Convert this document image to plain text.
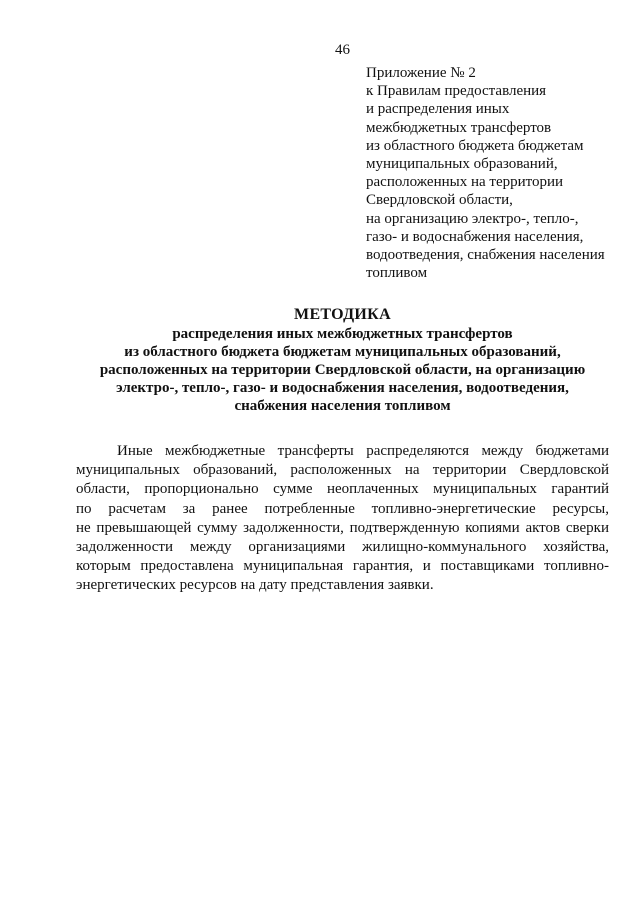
46
Приложение № 2
к Правилам предоставления
и распределения иных
межбюджетных трансфертов
из областного бюджета бюджетам
муниципальных образований,
расположенных на территории
Свердловской области,
на организацию электро-, тепло-,
газо- и водоснабжения населения,
водоотведения, снабжения населения
топливом
МЕТОДИКА
распределения иных межбюджетных трансфертов
из областного бюджета бюджетам муниципальных образований,
расположенных на территории Свердловской области, на организацию
электро-, тепло-, газо- и водоснабжения населения, водоотведения,
снабжения населения топливом
Иные межбюджетные трансферты распределяются между бюджетами
муниципальных образований, расположенных на территории Свердловской
области, пропорционально сумме неоплаченных муниципальных гарантий
по расчетам за ранее потребленные топливно-энергетические ресурсы,
не превышающей сумму задолженности, подтвержденную копиями актов сверки
задолженности между организациями жилищно-коммунального хозяйства,
которым предоставлена муниципальная гарантия, и поставщиками топливно-
энергетических ресурсов на дату представления заявки.
